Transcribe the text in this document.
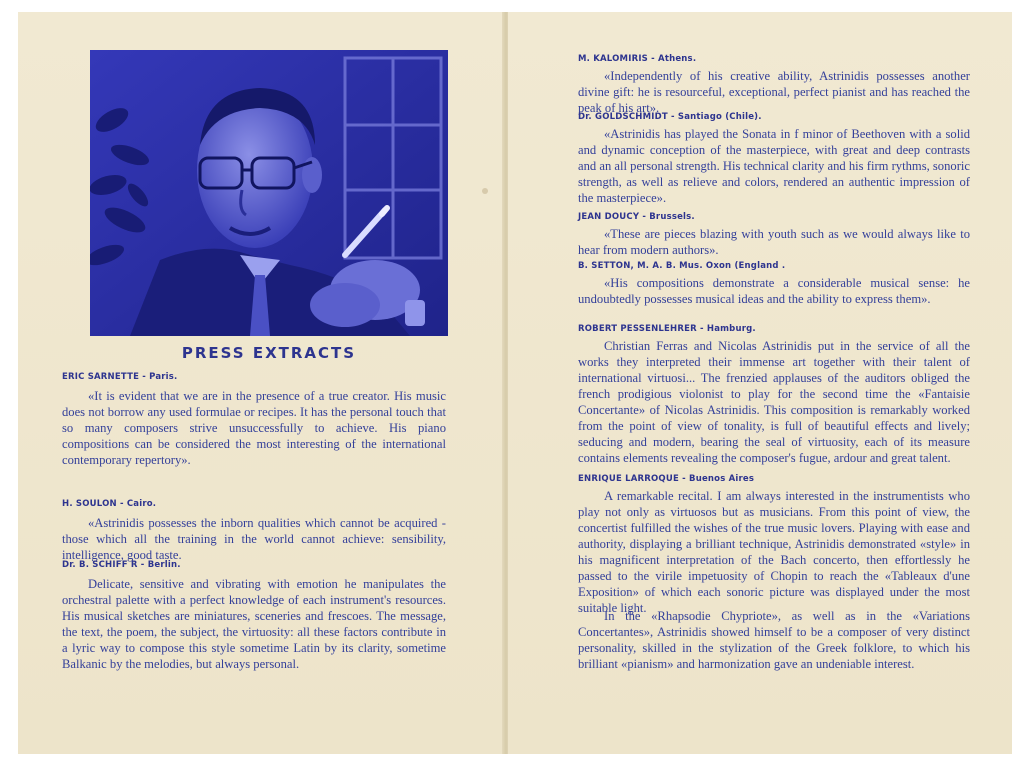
PRESS EXTRACTS
ERIC SARNETTE - Paris.

«It is evident that we are in the presence of a true creator. His music does not borrow any used formulae or recipes. It has the personal touch that so many composers strive unsuccessfully to achieve. His piano compositions can be considered the most interesting of the international contemporary repertory».

H. SOULON - Cairo.

«Astrinidis possesses the inborn qualities which cannot be acquired - those which all the training in the world cannot achieve: sensibility, intelligence, good taste.

Dr. B. SCHIFF R - Berlin.

Delicate, sensitive and vibrating with emotion he manipulates the orchestral palette with a perfect knowledge of each instrument's resources. His musical sketches are miniatures, sceneries and frescoes. The message, the text, the poem, the subject, the virtuosity: all these factors contribute in a lyric way to compose this style sometime Latin by its clarity, sometime Balkanic by the melodies, but always personal.

M. KALOMIRIS - Athens.

«Independently of his creative ability, Astrinidis possesses another divine gift: he is resourceful, exceptional, perfect pianist and has reached the peak of his art».

Dr. GOLDSCHMIDT - Santiago (Chile).

«Astrinidis has played the Sonata in f minor of Beethoven with a solid and dynamic conception of the masterpiece, with great and deep contrasts and an all personal strength. His technical clarity and his firm rythms, sonoric strength, as well as relieve and colors, rendered an authentic impression of the masterpiece».

JEAN DOUCY - Brussels.

«These are pieces blazing with youth such as we would always like to hear from modern authors».

B. SETTON, M. A. B. Mus. Oxon (England .

«His compositions demonstrate a considerable musical sense: he undoubtedly possesses musical ideas and the ability to express them».

ROBERT PESSENLEHRER - Hamburg.

Christian Ferras and Nicolas Astrinidis put in the service of all the works they interpreted their immense art together with their talent of international virtuosi... The frenzied applauses of the auditors obliged the french prodigious violonist to play for the second time the «Fantaisie Concertante» of Nicolas Astrinidis. This composition is remarkably worked from the point of view of tonality, is full of beautiful effects and lively; seducing and modern, bearing the seal of virtuosity, each of its measure contains elements revealing the composer's fugue, ardour and great talent.

ENRIQUE LARROQUE - Buenos Aires

A remarkable recital. I am always interested in the instrumentists who play not only as virtuosos but as musicians. From this point of view, the concertist fulfilled the wishes of the true music lovers. Playing with ease and authority, displaying a brilliant technique, Astrinidis demonstrated «style» in his magnificent interpretation of the Bach concerto, then effortlessly he passed to the virile impetuosity of Chopin to reach the «Tableaux d'une Exposition» of which each sonoric picture was displayed under the most suitable light.

In the «Rhapsodie Chypriote», as well as in the «Variations Concertantes», Astrinidis showed himself to be a composer of very distinct personality, skilled in the stylization of the Greek folklore, to which his brilliant «pianism» and harmonization gave an undeniable interest.
